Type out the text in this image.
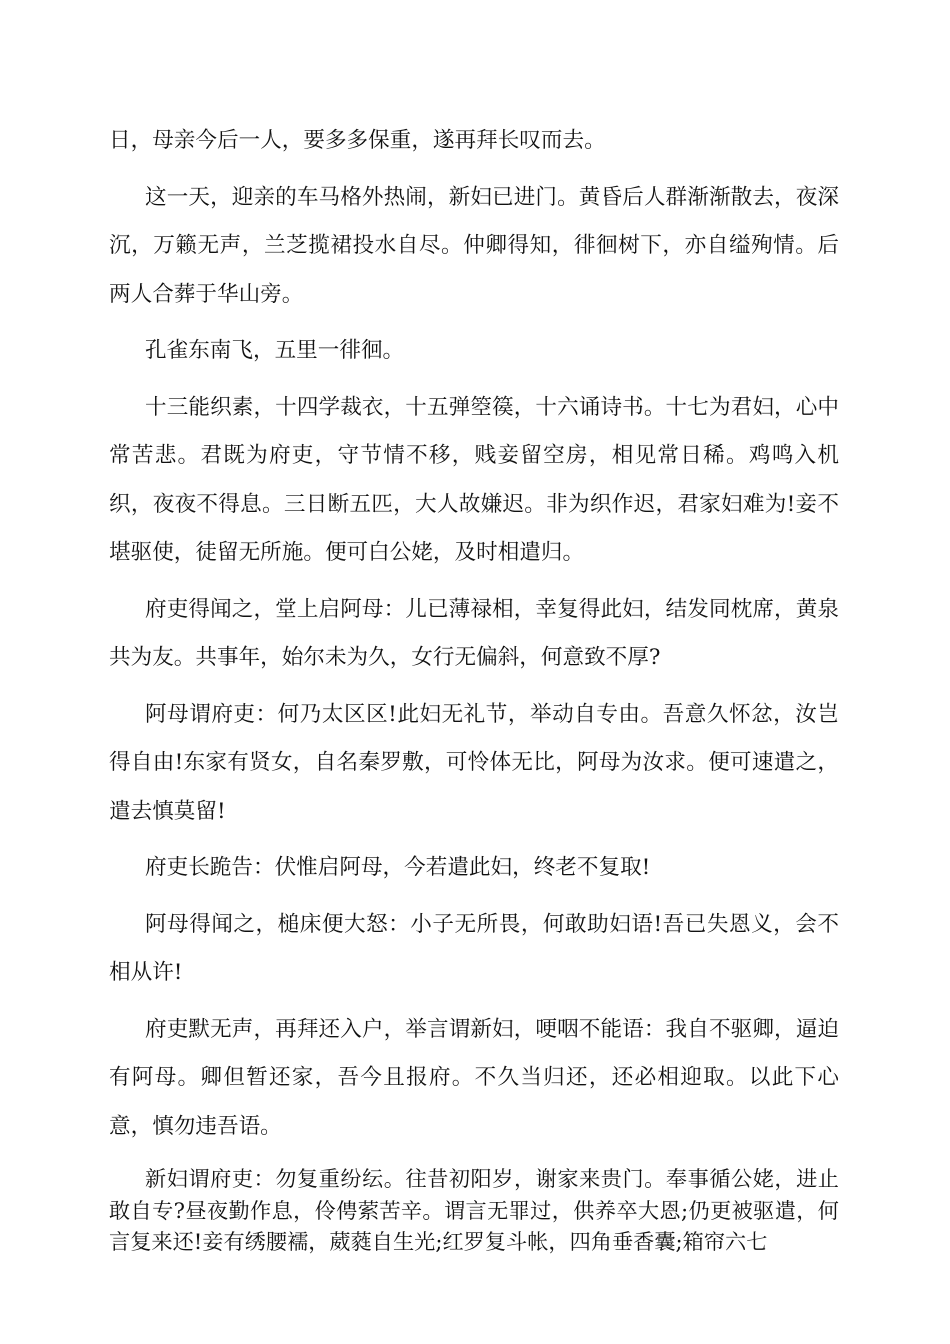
日，母亲今后一人，要多多保重，遂再拜长叹而去。

这一天，迎亲的车马格外热闹，新妇已进门。黄昏后人群渐渐散去，夜深沉，万籁无声，兰芝揽裙投水自尽。仲卿得知，徘徊树下，亦自缢殉情。后两人合葬于华山旁。

孔雀东南飞，五里一徘徊。

十三能织素，十四学裁衣，十五弹箜篌，十六诵诗书。十七为君妇，心中常苦悲。君既为府吏，守节情不移，贱妾留空房，相见常日稀。鸡鸣入机织，夜夜不得息。三日断五匹，大人故嫌迟。非为织作迟，君家妇难为!妾不堪驱使，徒留无所施。便可白公姥，及时相遣归。

府吏得闻之，堂上启阿母：儿已薄禄相，幸复得此妇，结发同枕席，黄泉共为友。共事年，始尔未为久，女行无偏斜，何意致不厚?

阿母谓府吏：何乃太区区!此妇无礼节，举动自专由。吾意久怀忿，汝岂得自由!东家有贤女，自名秦罗敷，可怜体无比，阿母为汝求。便可速遣之，遣去慎莫留!

府吏长跪告：伏惟启阿母，今若遣此妇，终老不复取!

阿母得闻之，槌床便大怒：小子无所畏，何敢助妇语!吾已失恩义，会不相从许!

府吏默无声，再拜还入户，举言谓新妇，哽咽不能语：我自不驱卿，逼迫有阿母。卿但暂还家，吾今且报府。不久当归还，还必相迎取。以此下心意，慎勿违吾语。

新妇谓府吏：勿复重纷纭。往昔初阳岁，谢家来贵门。奉事循公姥，进止敢自专?昼夜勤作息，伶俜萦苦辛。谓言无罪过，供养卒大恩;仍更被驱遣，何言复来还!妾有绣腰襦，葳蕤自生光;红罗复斗帐，四角垂香囊;箱帘六七
